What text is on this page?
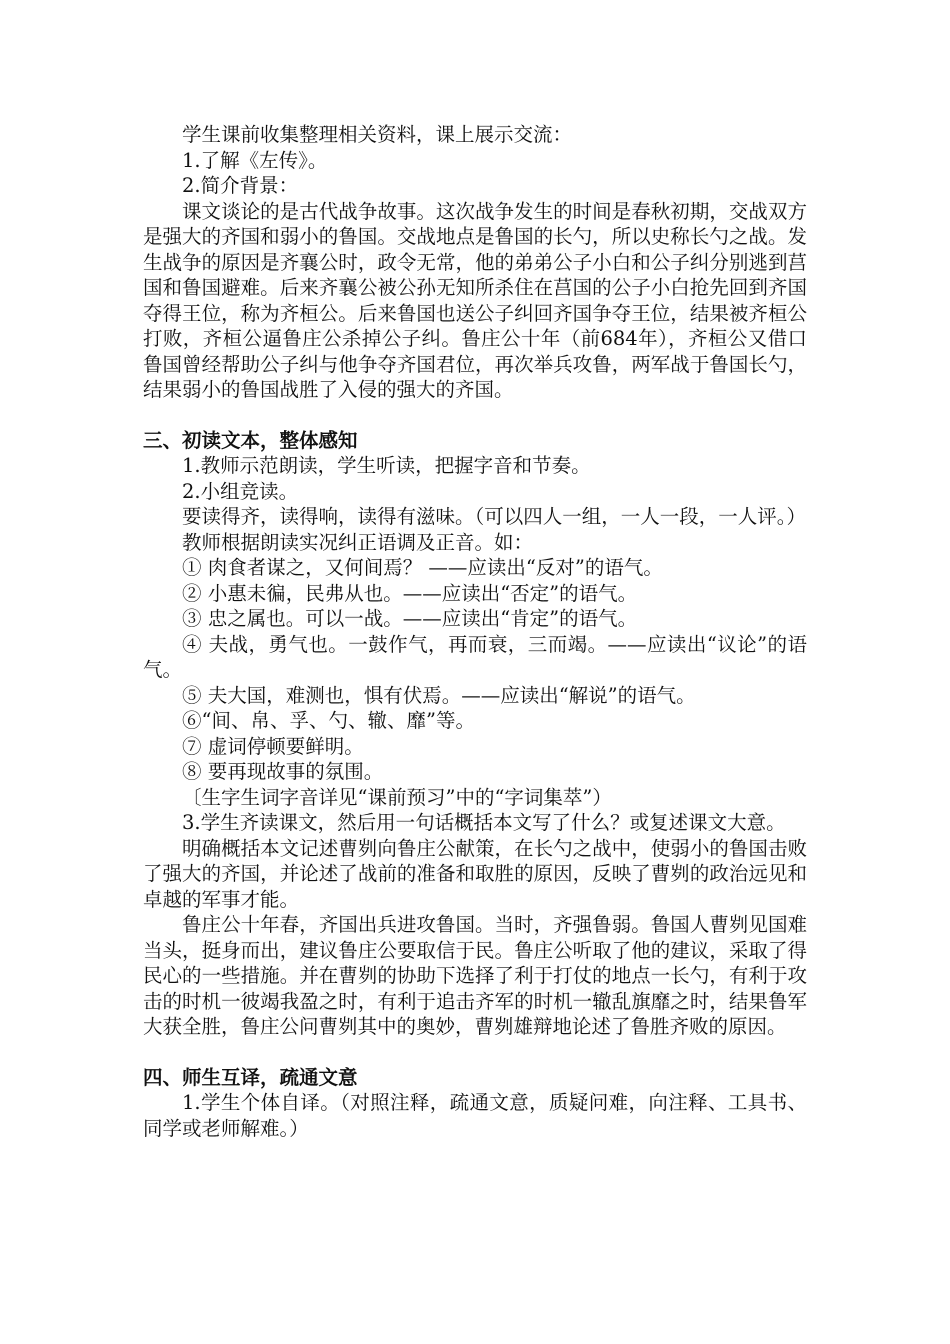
学生课前收集整理相关资料，课上展示交流：

1.了解《左传》。

2.简介背景：

课文谈论的是古代战争故事。这次战争发生的时间是春秋初期，交战双方是强大的齐国和弱小的鲁国。交战地点是鲁国的长勺，所以史称长勺之战。发生战争的原因是齐襄公时，政令无常，他的弟弟公子小白和公子纠分别逃到莒国和鲁国避难。后来齐襄公被公孙无知所杀住在莒国的公子小白抢先回到齐国夺得王位，称为齐桓公。后来鲁国也送公子纠回齐国争夺王位，结果被齐桓公打败，齐桓公逼鲁庄公杀掉公子纠。鲁庄公十年（前684年），齐桓公又借口鲁国曾经帮助公子纠与他争夺齐国君位，再次举兵攻鲁，两军战于鲁国长勺，结果弱小的鲁国战胜了入侵的强大的齐国。

三、初读文本，整体感知

1.教师示范朗读，学生听读，把握字音和节奏。

2.小组竞读。

要读得齐，读得响，读得有滋味。（可以四人一组，一人一段，一人评。）

教师根据朗读实况纠正语调及正音。如：

① 肉食者谋之，又何间焉？ ——应读出“反对”的语气。

② 小惠未徧，民弗从也。——应读出“否定”的语气。

③ 忠之属也。可以一战。——应读出“肯定”的语气。

④ 夫战，勇气也。一鼓作气，再而衰，三而竭。——应读出“议论”的语气。

⑤ 夫大国，难测也，惧有伏焉。——应读出“解说”的语气。

⑥“间、帛、孚、勺、辙、靡”等。

⑦ 虚词停顿要鲜明。

⑧ 要再现故事的氛围。

〔生字生词字音详见“课前预习”中的“字词集萃”）

3.学生齐读课文，然后用一句话概括本文写了什么？或复述课文大意。

明确概括本文记述曹刿向鲁庄公献策，在长勺之战中，使弱小的鲁国击败了强大的齐国，并论述了战前的准备和取胜的原因，反映了曹刿的政治远见和卓越的军事才能。

鲁庄公十年春，齐国出兵进攻鲁国。当时，齐强鲁弱。鲁国人曹刿见国难当头，挺身而出，建议鲁庄公要取信于民。鲁庄公听取了他的建议，采取了得民心的一些措施。并在曹刿的协助下选择了利于打仗的地点一长勺，有利于攻击的时机一彼竭我盈之时，有利于追击齐军的时机一辙乱旗靡之时，结果鲁军大获全胜，鲁庄公问曹刿其中的奥妙，曹刿雄辩地论述了鲁胜齐败的原因。

四、师生互译，疏通文意

1.学生个体自译。（对照注释，疏通文意，质疑问难，向注释、工具书、同学或老师解难。）
